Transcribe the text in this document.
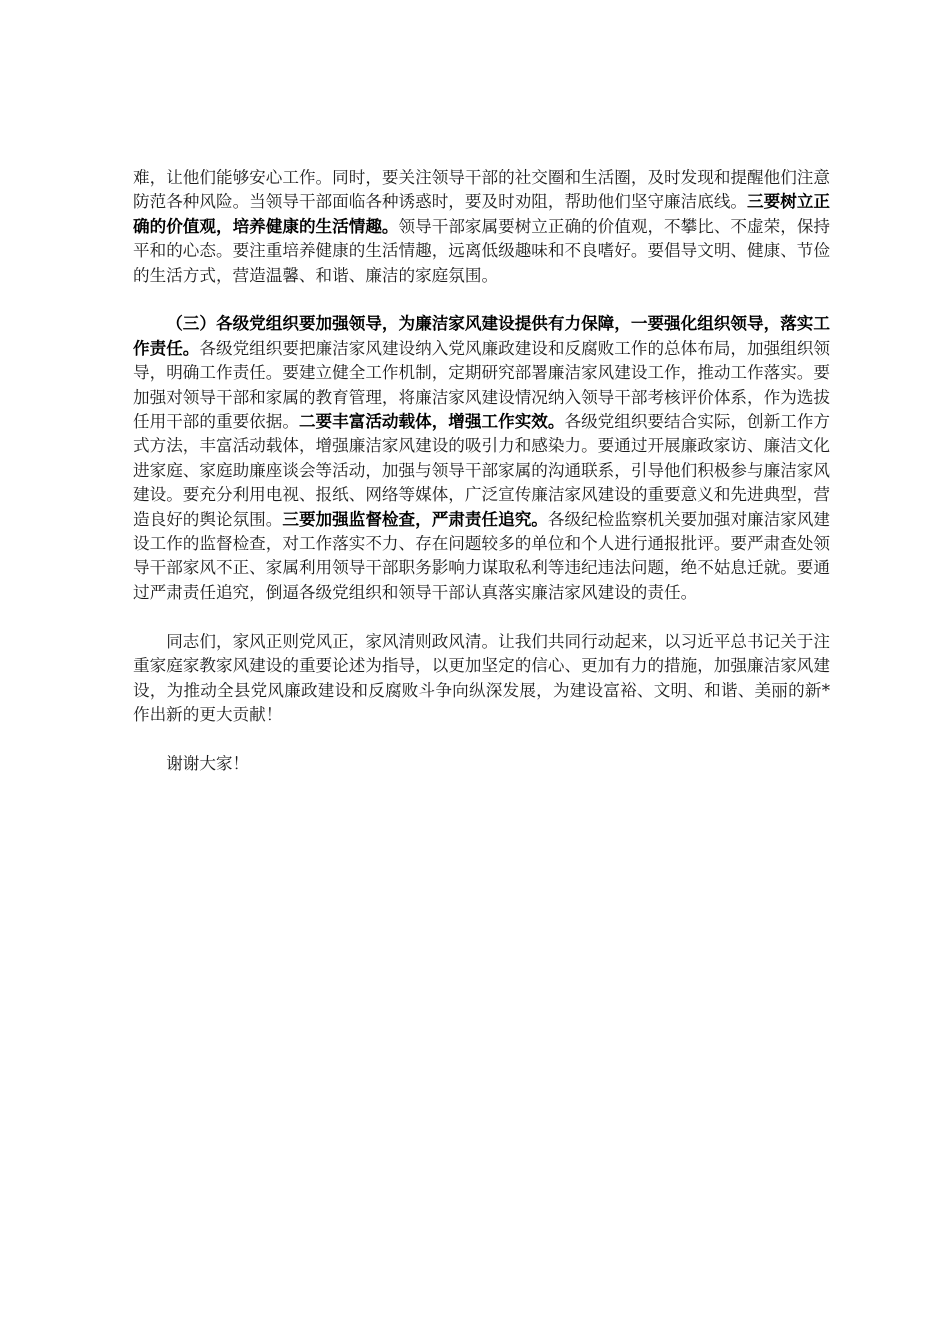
难，让他们能够安心工作。同时，要关注领导干部的社交圈和生活圈，及时发现和提醒他们注意防范各种风险。当领导干部面临各种诱惑时，要及时劝阻，帮助他们坚守廉洁底线。三要树立正确的价值观，培养健康的生活情趣。领导干部家属要树立正确的价值观，不攀比、不虚荣，保持平和的心态。要注重培养健康的生活情趣，远离低级趣味和不良嗜好。要倡导文明、健康、节俭的生活方式，营造温馨、和谐、廉洁的家庭氛围。

（三）各级党组织要加强领导，为廉洁家风建设提供有力保障，一要强化组织领导，落实工作责任。各级党组织要把廉洁家风建设纳入党风廉政建设和反腐败工作的总体布局，加强组织领导，明确工作责任。要建立健全工作机制，定期研究部署廉洁家风建设工作，推动工作落实。要加强对领导干部和家属的教育管理，将廉洁家风建设情况纳入领导干部考核评价体系，作为选拔任用干部的重要依据。二要丰富活动载体，增强工作实效。各级党组织要结合实际，创新工作方式方法，丰富活动载体，增强廉洁家风建设的吸引力和感染力。要通过开展廉政家访、廉洁文化进家庭、家庭助廉座谈会等活动，加强与领导干部家属的沟通联系，引导他们积极参与廉洁家风建设。要充分利用电视、报纸、网络等媒体，广泛宣传廉洁家风建设的重要意义和先进典型，营造良好的舆论氛围。三要加强监督检查，严肃责任追究。各级纪检监察机关要加强对廉洁家风建设工作的监督检查，对工作落实不力、存在问题较多的单位和个人进行通报批评。要严肃查处领导干部家风不正、家属利用领导干部职务影响力谋取私利等违纪违法问题，绝不姑息迁就。要通过严肃责任追究，倒逼各级党组织和领导干部认真落实廉洁家风建设的责任。

同志们，家风正则党风正，家风清则政风清。让我们共同行动起来，以习近平总书记关于注重家庭家教家风建设的重要论述为指导，以更加坚定的信心、更加有力的措施，加强廉洁家风建设，为推动全县党风廉政建设和反腐败斗争向纵深发展，为建设富裕、文明、和谐、美丽的新*作出新的更大贡献！

谢谢大家！
